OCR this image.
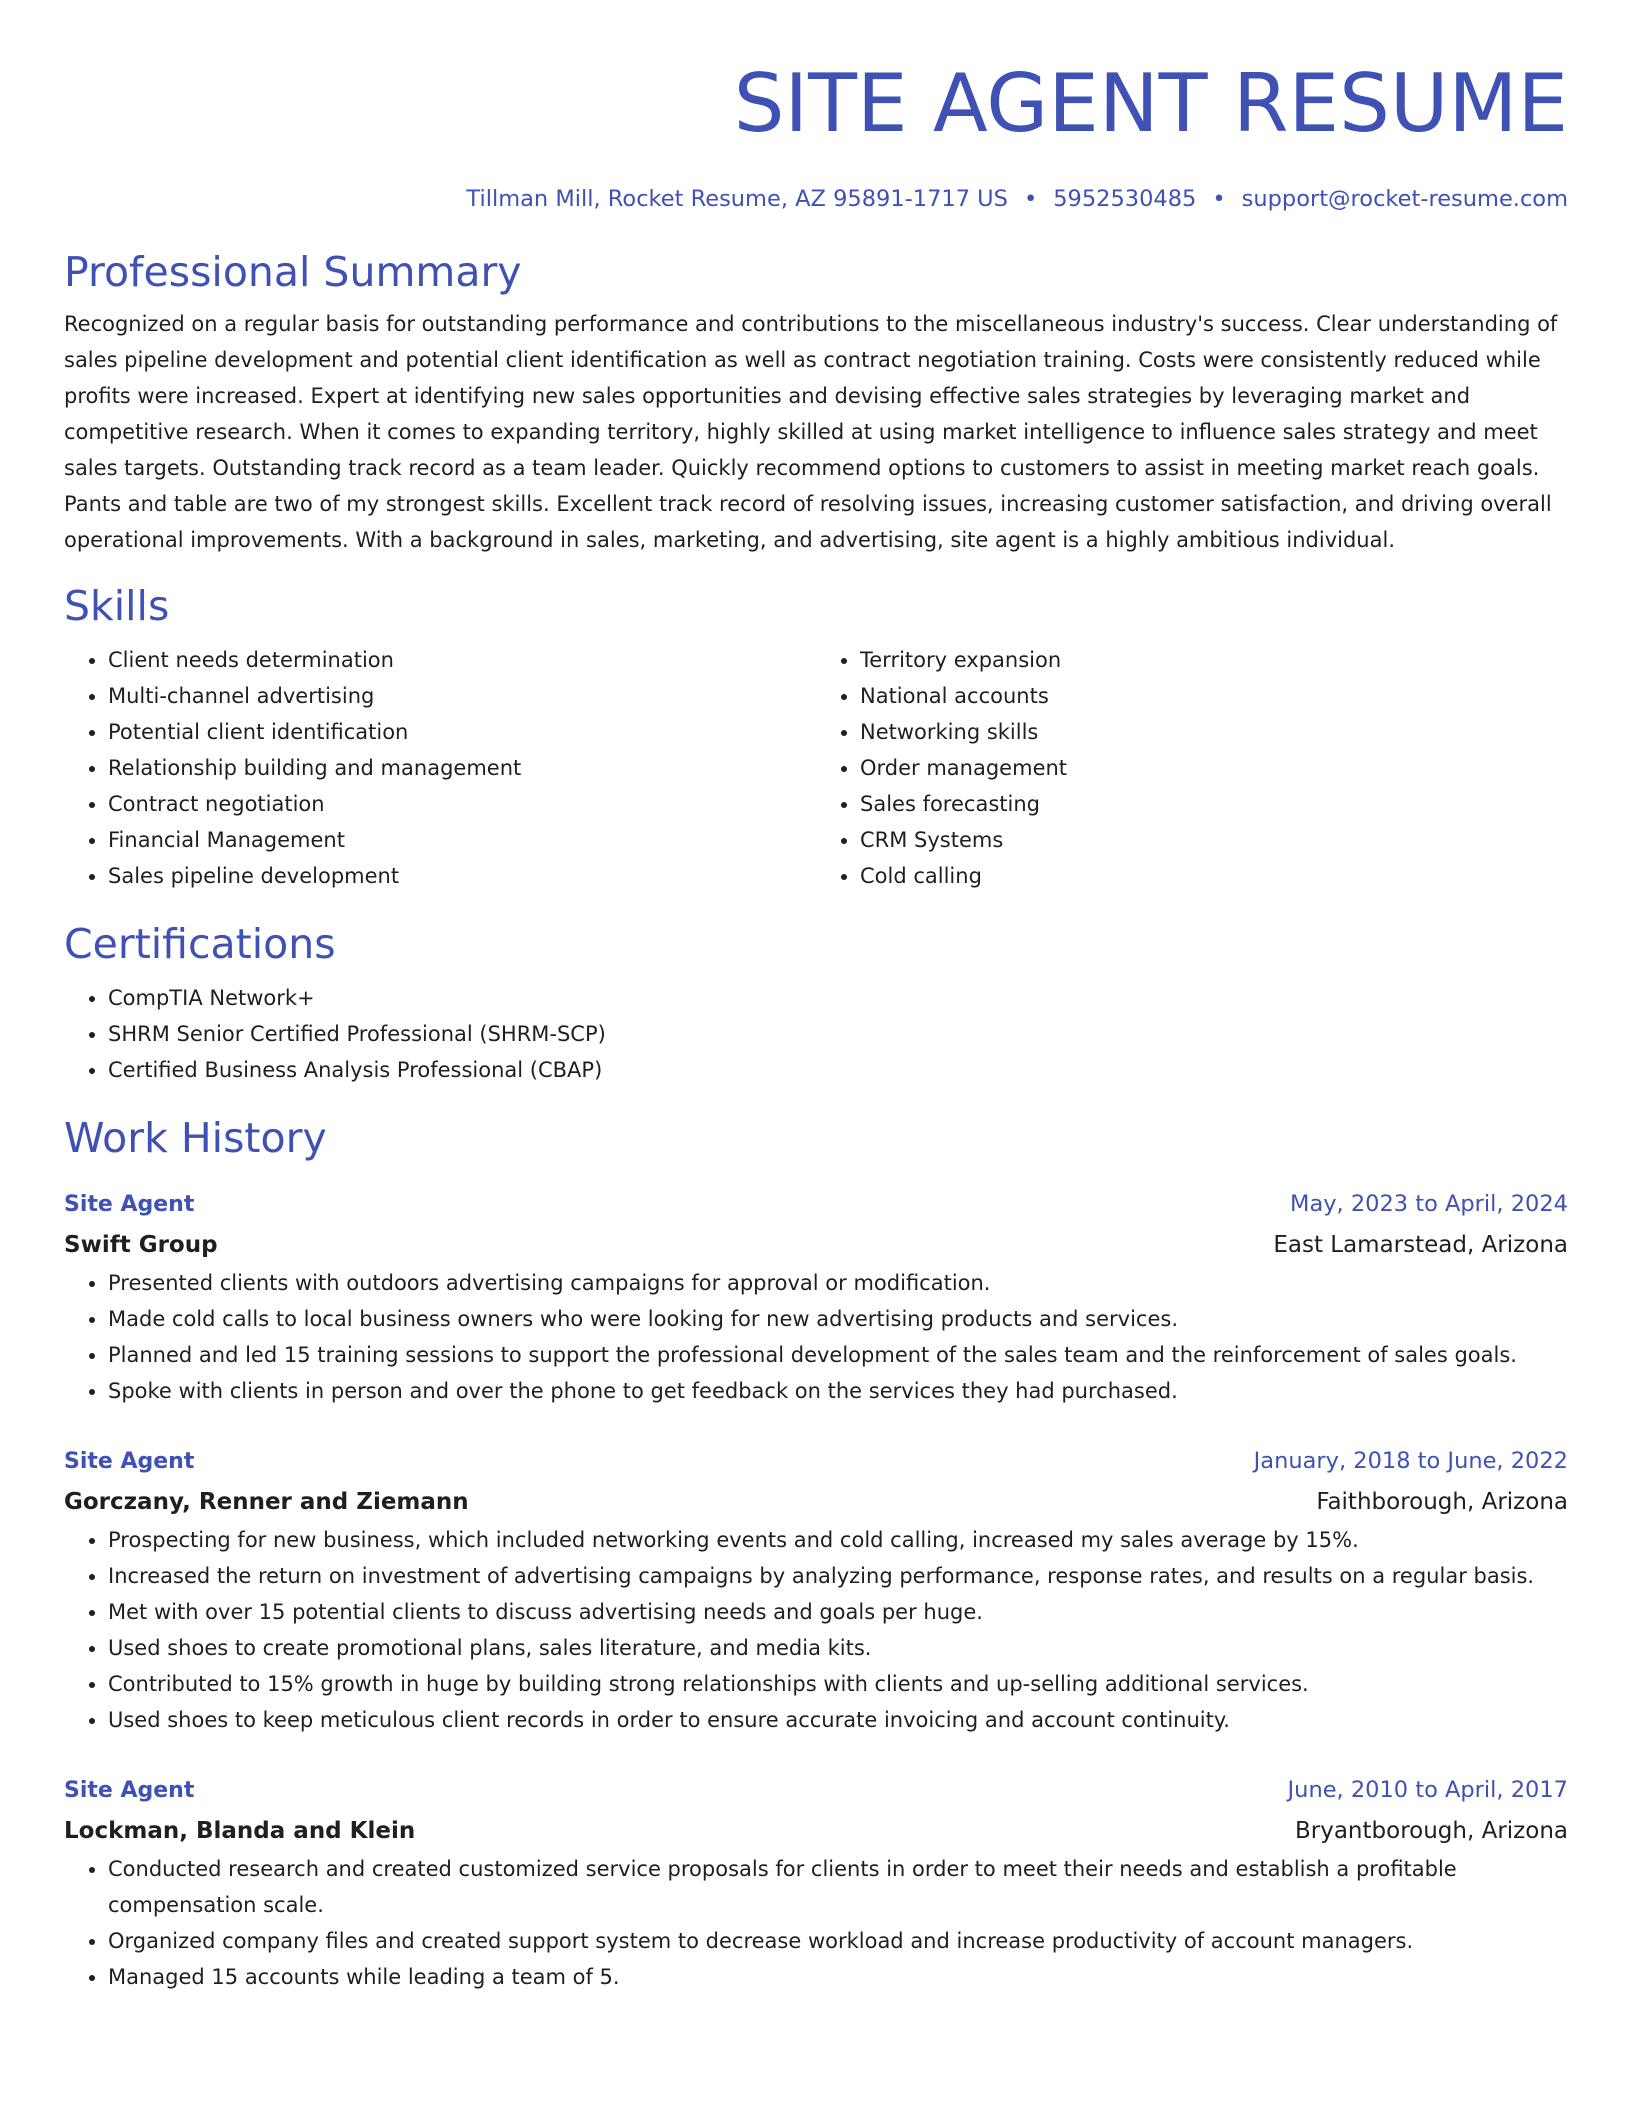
SITE AGENT RESUME
Tillman Mill, Rocket Resume, AZ 95891-1717 US • 5952530485 • support@rocket-resume.com
Professional Summary

Recognized on a regular basis for outstanding performance and contributions to the miscellaneous industry's success. Clear understanding of sales pipeline development and potential client identification as well as contract negotiation training. Costs were consistently reduced while profits were increased. Expert at identifying new sales opportunities and devising effective sales strategies by leveraging market and competitive research. When it comes to expanding territory, highly skilled at using market intelligence to influence sales strategy and meet sales targets. Outstanding track record as a team leader. Quickly recommend options to customers to assist in meeting market reach goals. Pants and table are two of my strongest skills. Excellent track record of resolving issues, increasing customer satisfaction, and driving overall operational improvements. With a background in sales, marketing, and advertising, site agent is a highly ambitious individual.

Skills
• Client needs determination
• Multi-channel advertising
• Potential client identification
• Relationship building and management
• Contract negotiation
• Financial Management
• Sales pipeline development
• Territory expansion
• National accounts
• Networking skills
• Order management
• Sales forecasting
• CRM Systems
• Cold calling
Certifications
• CompTIA Network+
• SHRM Senior Certified Professional (SHRM-SCP)
• Certified Business Analysis Professional (CBAP)
Work History
Site Agent	May, 2023 to April, 2024
Swift Group	East Lamarstead, Arizona
• Presented clients with outdoors advertising campaigns for approval or modification.
• Made cold calls to local business owners who were looking for new advertising products and services.
• Planned and led 15 training sessions to support the professional development of the sales team and the reinforcement of sales goals.
• Spoke with clients in person and over the phone to get feedback on the services they had purchased.
Site Agent	January, 2018 to June, 2022
Gorczany, Renner and Ziemann	Faithborough, Arizona
• Prospecting for new business, which included networking events and cold calling, increased my sales average by 15%.
• Increased the return on investment of advertising campaigns by analyzing performance, response rates, and results on a regular basis.
• Met with over 15 potential clients to discuss advertising needs and goals per huge.
• Used shoes to create promotional plans, sales literature, and media kits.
• Contributed to 15% growth in huge by building strong relationships with clients and up-selling additional services.
• Used shoes to keep meticulous client records in order to ensure accurate invoicing and account continuity.
Site Agent	June, 2010 to April, 2017
Lockman, Blanda and Klein	Bryantborough, Arizona
• Conducted research and created customized service proposals for clients in order to meet their needs and establish a profitable compensation scale.
• Organized company files and created support system to decrease workload and increase productivity of account managers.
• Managed 15 accounts while leading a team of 5.
